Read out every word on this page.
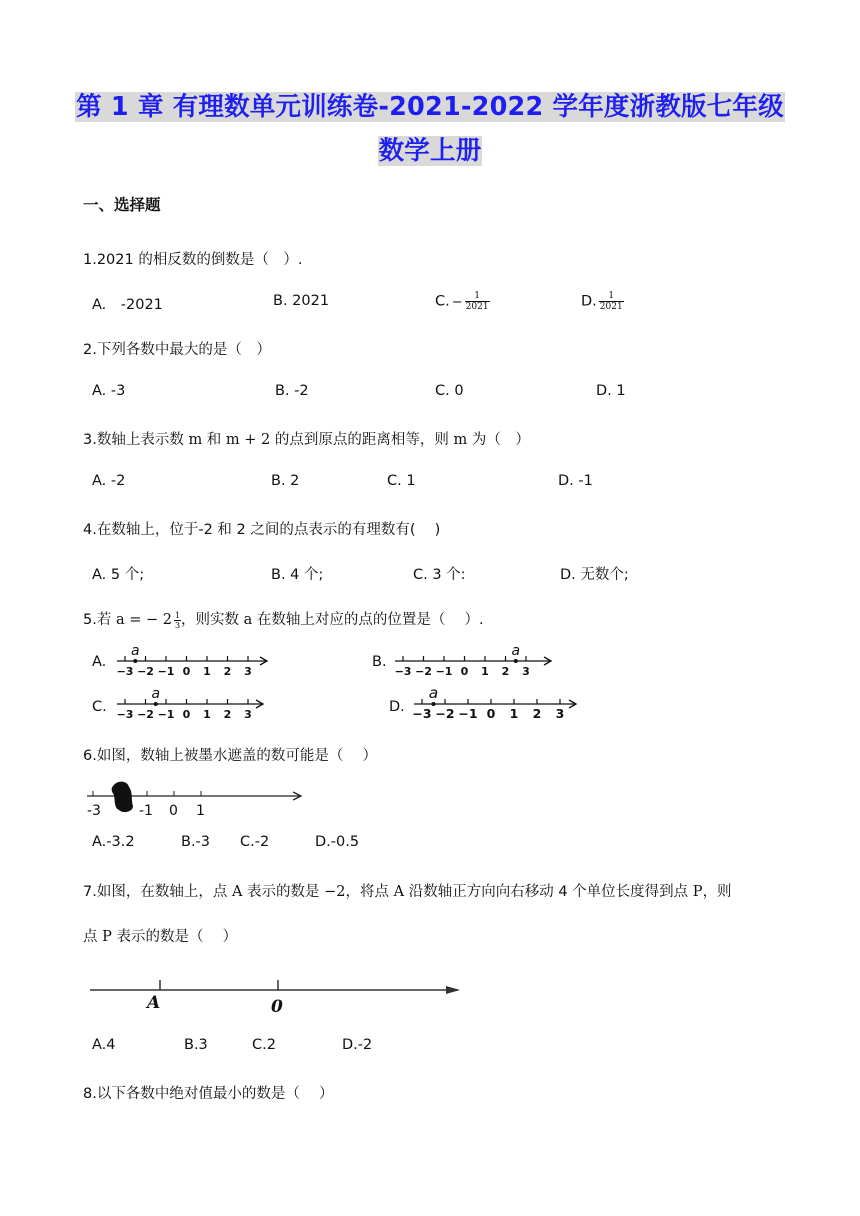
第 1 章 有理数单元训练卷-2021-2022 学年度浙教版七年级
数学上册
一、选择题
1.2021 的相反数的倒数是（　）.
A.　-2021	B. 2021	C. − $\frac{1}{2021}$	D. $\frac{1}{2021}$
2.下列各数中最大的是（　）
A. -3	B. -2	C. 0	D. 1
3.数轴上表示数 m 和 m + 2 的点到原点的距离相等，则 m 为（　）
A. -2	B. 2	C. 1	D. -1
4.在数轴上，位于-2 和 2 之间的点表示的有理数有(　 )
A. 5 个;	B. 4 个;	C. 3 个:	D. 无数个;
5.若 a = − $2 \frac{1}{3}$ ，则实数 a 在数轴上对应的点的位置是（　 ）.
A.	B.
C.	D.
−3 −2 −1 0 1 2 3
a
−3 −2 −1 0 1 2 3
a
−3 −2 −1 0 1 2 3
a
−3 −2 −1 0 1 2 3
a
6.如图，数轴上被墨水遮盖的数可能是（　 ）
-3	-1 0 1
A.-3.2	B.-3 C.-2	D.-0.5
7.如图，在数轴上，点 A 表示的数是 −2，将点 A 沿数轴正方向向右移动 4 个单位长度得到点 P，则
点 P 表示的数是（　 ）
A	0
A.4	B.3	C.2	D.-2
8.以下各数中绝对值最小的数是（　 ）
